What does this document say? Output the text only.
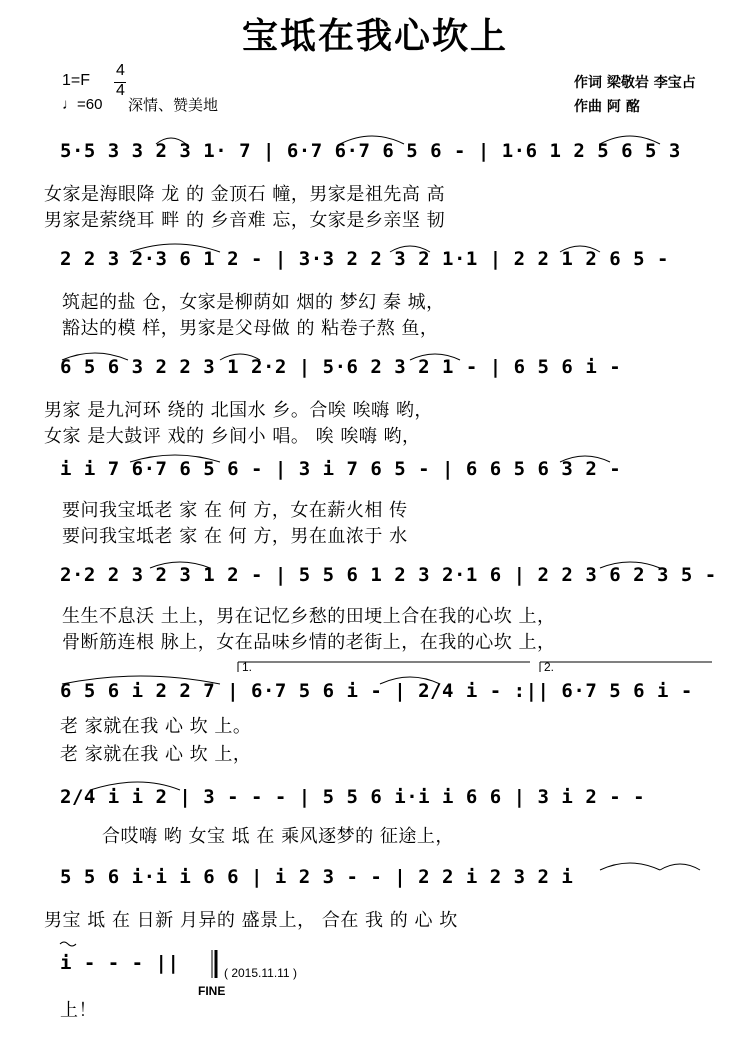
宝坻在我心坎上
1=F
4
4
♩=60 深情、赞美地
作词 梁敬岩 李宝占
作曲 阿 酩
5·5 3 3 2 3 1· 7 | 6·7 6·7 6 5 6 - | 1·6 1 2 5 6 5 3
女家是海眼降 龙 的 金顶石 幢，男家是祖先高 高
男家是萦绕耳 畔 的 乡音难 忘，女家是乡亲坚 韧
2 2 3 2·3 6 1 2 - | 3·3 2 2 3 2 1·1 | 2 2 1 2 6 5 -
筑起的盐 仓，女家是柳荫如 烟的 梦幻 秦 城，
豁达的模 样，男家是父母做 的 粘卷子熬 鱼，
6 5 6 3 2 2 3 1 2·2 | 5·6 2 3 2 1 - | 6 5 6 i -
男家 是九河环 绕的 北国水 乡。合唉 唉嗨 哟，
女家 是大鼓评 戏的 乡间小 唱。 唉 唉嗨 哟，
i i 7 6·7 6 5 6 - | 3 i 7 6 5 - | 6 6 5 6 3 2 -
要问我宝坻老 家 在 何 方，女在薪火相 传
要问我宝坻老 家 在 何 方，男在血浓于 水
2·2 2 3 2 3 1 2 - | 5 5 6 1 2 3 2·1 6 | 2 2 3 6 2 3 5 -
生生不息沃 土上，男在记忆乡愁的田埂上合在我的心坎 上，
骨断筋连根 脉上，女在品味乡情的老街上，在我的心坎 上，
1.	2.
6 5 6 i 2 2 7 | 6·7 5 6 i - | 2/4 i - :|| 6·7 5 6 i -
老 家就在我 心 坎 上。
老 家就在我 心 坎 上，
2/4 i i 2 | 3 - - - | 5 5 6 i·i i 6 6 | 3 i 2 - -
合哎嗨 哟 女宝 坻 在 乘风逐梦的 征途上，
5 5 6 i·i i 6 6 | i 2 3 - - | 2 2 i 2 3 2 i
男宝 坻 在 日新 月异的 盛景上， 合在 我 的 心 坎
i - - - ||	( 2015.11.11 )
FINE
上！
